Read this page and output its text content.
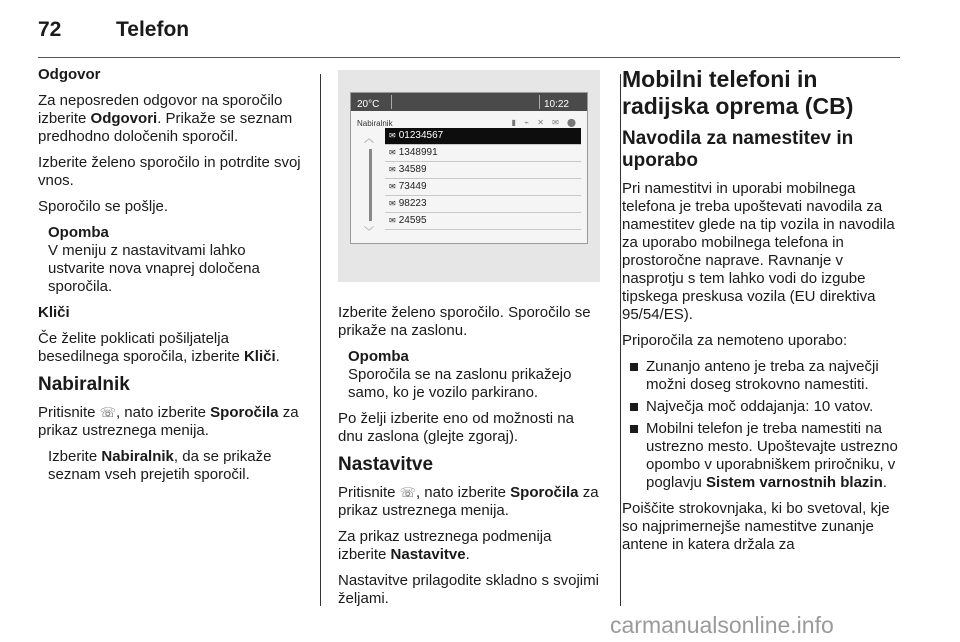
72	Telefon

Odgovor

Za neposreden odgovor na sporočilo izberite Odgovori. Prikaže se seznam predhodno določenih sporočil.

Izberite želeno sporočilo in potrdite svoj vnos.

Sporočilo se pošlje.

Opomba
V meniju z nastavitvami lahko ustvarite nova vnaprej določena sporočila.

Kliči

Če želite poklicati pošiljatelja besedilnega sporočila, izberite Kliči.

Nabiralnik

Pritisnite ☏, nato izberite Sporočila za prikaz ustreznega menija.

Izberite Nabiralnik, da se prikaže seznam vseh prejetih sporočil.

20°C	10:22
Nabiralnik	▮ ⌁ ✕ ✉ ⬤
︿
﹀
✉ 01234567
✉ 1348991
✉ 34589
✉ 73449
✉ 98223
✉ 24595

Izberite želeno sporočilo. Sporočilo se prikaže na zaslonu.

Opomba
Sporočila se na zaslonu prikažejo samo, ko je vozilo parkirano.

Po želji izberite eno od možnosti na dnu zaslona (glejte zgoraj).

Nastavitve

Pritisnite ☏, nato izberite Sporočila za prikaz ustreznega menija.

Za prikaz ustreznega podmenija izberite Nastavitve.

Nastavitve prilagodite skladno s svojimi željami.

Mobilni telefoni in radijska oprema (CB)

Navodila za namestitev in uporabo

Pri namestitvi in uporabi mobilnega telefona je treba upoštevati navodila za namestitev glede na tip vozila in navodila za uporabo mobilnega telefona in prostoročne naprave. Ravnanje v nasprotju s tem lahko vodi do izgube tipskega preskusa vozila (EU direktiva 95/54/ES).

Priporočila za nemoteno uporabo:

Zunanjo anteno je treba za največji možni doseg strokovno namestiti.
Največja moč oddajanja: 10 vatov.
Mobilni telefon je treba namestiti na ustrezno mesto. Upoštevajte ustrezno opombo v uporabniškem priročniku, v poglavju Sistem varnostnih blazin.

Poiščite strokovnjaka, ki bo svetoval, kje so najprimernejše namestitve zunanje antene in katera držala za

carmanualsonline.info
